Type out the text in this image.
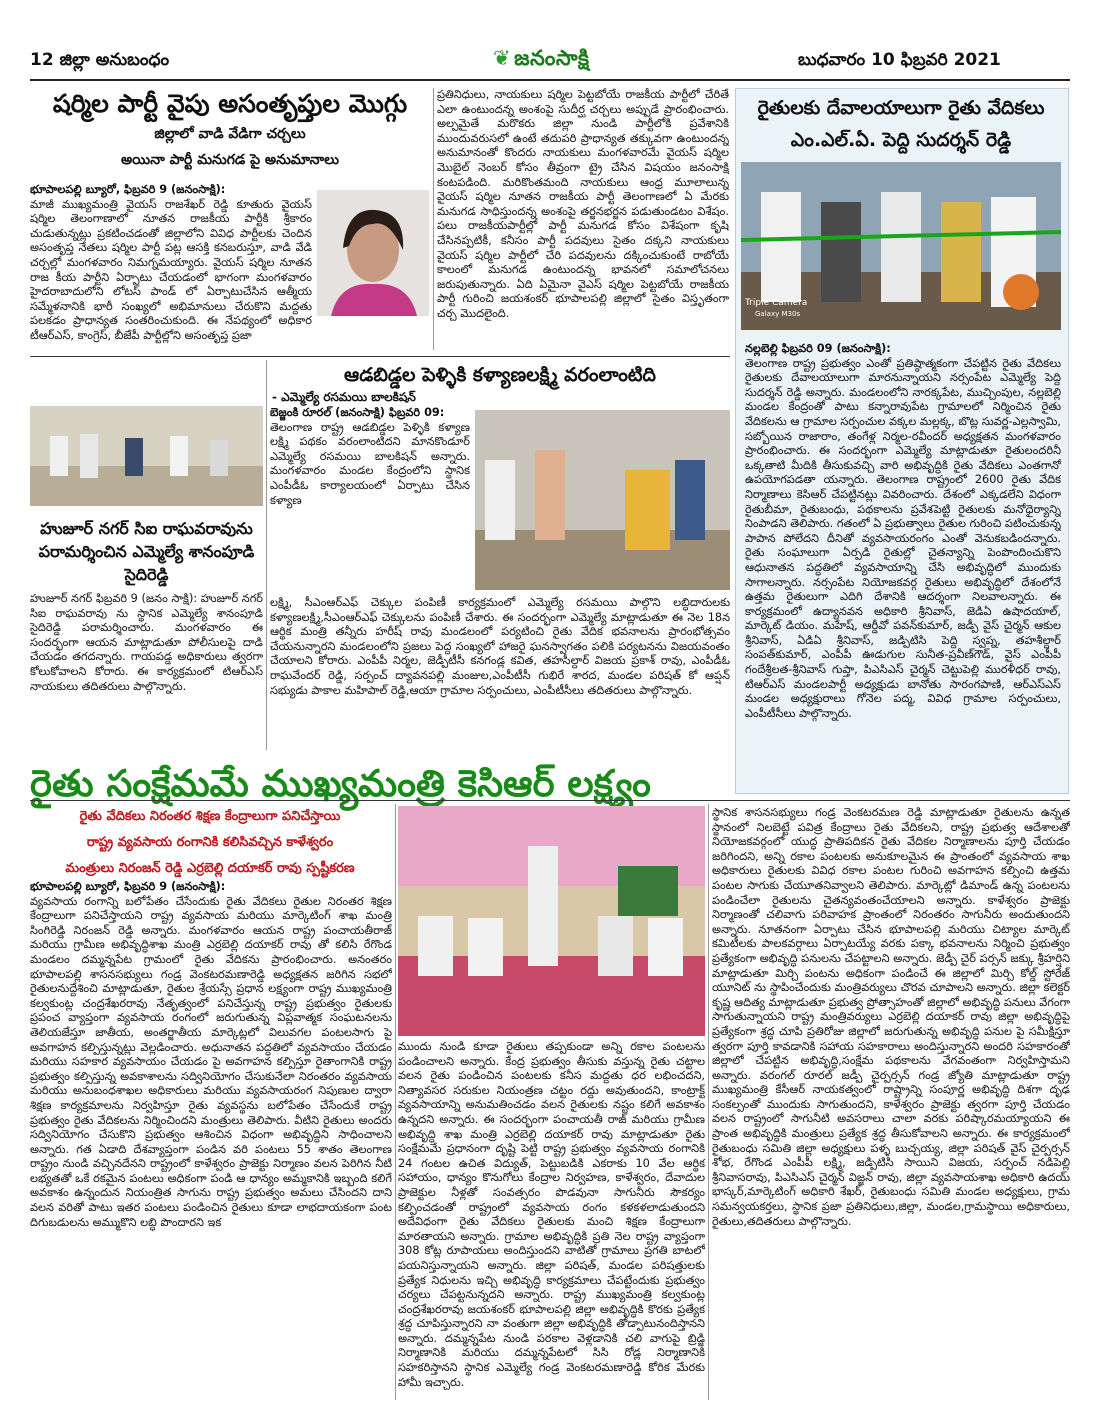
12 జిల్లా అనుబంధం	❦ జనంసాక్షి	బుధవారం 10 ఫిబ్రవరి 2021
షర్మిల పార్టీ వైపు అసంతృప్తుల మొగ్గు
జిల్లాలో వాడి వేడిగా చర్చలు
అయినా పార్టీ మనుగడ పై అనుమానాలు

భూపాలపల్లి బ్యూరో, ఫిబ్రవరి 9 (జనంసాక్షి):

మాజీ ముఖ్యమంత్రి వైయస్ రాజశేఖర్ రెడ్డి కూతురు వైయస్ షర్మిల తెలంగాణాలో నూతన రాజకీయ పార్టీకి శ్రీకారం చుడుతున్నట్లు ప్రకటించడంతో జిల్లాలోని వివిధ పార్టీలకు చెందిన అసంతృప్త నేతలు షర్మిల పార్టీ పట్ల ఆసక్తి కనబరుస్తూ, వాడి వేడి చర్చల్లో మంగళవారం నిమగ్నమయ్యారు. వైయస్ షర్మిల నూతన రాజ కీయ పార్టీని ఏర్పాటు చేయడంలో భాగంగా మంగళవారం హైదరాబాదులోని లోటస్ పాండ్ లో ఏర్పాటుచేసిన ఆత్మీయ సమ్మేళనానికి భారీ సంఖ్యలో అభిమానులు చేరుకొని మద్దతు పలకడం ప్రాధాన్యత సంతరించుకుంది. ఈ నేపథ్యంలో అధికార టీఆర్ఎస్, కాంగ్రెస్, బీజేపీ పార్టీల్లోని అసంతృప్త ప్రజా

ప్రతినిధులు, నాయకులు షర్మిల పెట్టబోయే రాజకీయ పార్టీలో చేరితే ఎలా ఉంటుందన్న అంశంపై సుదీర్ఘ చర్చలు అప్పుడే ప్రారంభించారు. అల్పమైతే మరొకరు జిల్లా నుండి పార్టీలోకి ప్రవేశానికి ముందువరుసలో ఉంటే తదుపరి ప్రాధాన్యత తక్కువగా ఉంటుందన్న అనుమానంతో కొందరు నాయకులు మంగళవారమే వైయస్ షర్మిల మొబైల్ నెంబర్ కోసం తీవ్రంగా ట్రై చేసిన విషయం జనంసాక్షి కంటపడింది. మరికొంతమంది నాయకులు ఆంధ్ర మూలాలున్న వైయస్ షర్మిల నూతన రాజకీయ పార్టీ తెలంగాణలో ఏ మేరకు మనుగడ సాధిస్తుందన్న అంశంపై తర్జనభర్జన పడుతుండటం విశేషం. పలు రాజకీయపార్టీల్లో పార్టీ మనుగడ కోసం విశేషంగా కృషి చేసినప్పటికీ, కనీసం పార్టీ పదవులు సైతం దక్కని నాయకులు వైయస్ షర్మిల పార్టీలో చేరి పదవులను దక్కించుకుంటే రాబోయే కాలంలో మనుగడ ఉంటుందన్న భావనలో సమాలోచనలు జరుపుతున్నారు. ఏది ఏమైనా వైఎస్ షర్మిల పెట్టబోయే రాజకీయ పార్టీ గురించి జయశంకర్ భూపాలపల్లి జిల్లాలో సైతం విస్తృతంగా చర్చ మొదలైంది.
హుజూర్ నగర్ సిఐ రాఘవరావును పరామర్శించిన ఎమ్మెల్యే శానంపూడి సైదిరెడ్డి
హుజూర్ నగర్ ఫిబ్రవరి 9 (జనం సాక్షి): హుజూర్ నగర్ సిఐ రాఘవరావు ను స్థానిక ఎమ్మెల్యే శానంపూడి సైదిరెడ్డి పరామర్శించారు. మంగళవారం ఈ సందర్భంగా ఆయన మాట్లాడుతూ పోలీసులపై దాడి చేయడం తగదన్నారు. గాయపడ్డ అధికారులు త్వరగా కోలుకోవాలని కోరారు. ఈ కార్యక్రమంలో టిఆర్ఎస్ నాయకులు తదితరులు పాల్గొన్నారు.
ఆడబిడ్డల పెళ్ళికి కళ్యాణలక్ష్మి వరంలాంటిది
- ఎమ్మెల్యే రసమయి బాలకిషన్

బెజ్జంకి రూరల్ (జనంసాక్షి) ఫిబ్రవరి 09:

తెలంగాణ రాష్ట్ర ఆడబిడ్డల పెళ్ళికి కళ్యాణ లక్ష్మి పథకం వరంలాంటిదని మానకొండూర్ ఎమ్మెల్యే రసమయి బాలకిషన్ అన్నారు. మంగళవారం మండల కేంద్రంలోని స్థానిక ఎంపీడీఓ కార్యాలయంలో ఏర్పాటు చేసిన కళ్యాణ

లక్ష్మి, సీఎంఆర్ఎఫ్ చెక్కుల పంపిణీ కార్యక్రమంలో ఎమ్మెల్యే రసమయి పాల్గొని లబ్ధిదారులకు కళ్యాణలక్ష్మి,సీఎంఆర్ఎఫ్ చెక్కులను పంపిణీ చేశారు. ఈ సందర్భంగా ఎమ్మెల్యే మాట్లాడుతూ ఈ నెల 18న ఆర్థిక మంత్రి తన్నీరు హరీష్ రావు మండలంలో పర్యటించి రైతు వేదిక భవనాలను ప్రారంభోత్సవం చేయనున్నారని మండలంలోని ప్రజలు పెద్ద సంఖ్యలో హాజరై ఘనస్వాగతం పలికి పర్యటనను విజయవంతం చేయాలని కోరారు. ఎంపీపీ నిర్మల, జెడ్పీటీసీ కనగండ్ల కవిత, తహసీల్దార్ విజయ ప్రకాశ్ రావు, ఎంపీడీఓ రాఘవేందర్ రెడ్డి, సర్పంచ్ ద్యావనపల్లి మంజుల,ఎంపీటీసీ గుభిరే శారద, మండల పరిషత్ కో ఆప్షన్ సభ్యుడు పాకాల మహిపాల్ రెడ్డి,ఆయా గ్రామాల సర్పంచులు, ఎంపీటీసీలు తదితరులు పాల్గొన్నారు.
రైతులకు దేవాలయాలుగా రైతు వేదికలు
ఎం.ఎల్.ఏ. పెద్ది సుదర్శన్ రెడ్డి
Triple Camera
Galaxy M30s

నల్లబెల్లి ఫిబ్రవరి 09 (జనంసాక్షి):

తెలంగాణ రాష్ట్ర ప్రభుత్వం ఎంతో ప్రతిష్ఠాత్మకంగా చేపట్టిన రైతు వేదికలు రైతులకు దేవాలయాలుగా మారనున్నాయని నర్సంపేట ఎమ్మెల్యే పెద్ది సుదర్శన్ రెడ్డి అన్నారు. మండలంలోని నారక్కపేట, ముచ్చింపుల, నల్లబెల్లి మండల కేంద్రంతో పాటు కన్నారావుపేట గ్రామాలలో నిర్మించిన రైతు వేదికలను ఆ గ్రామాల సర్పంచుల వక్కల మల్లక్క, బొట్ల సువర్ణ-ఎల్లస్వామి, సబ్బోయిన రాజారాం, తంగేళ్ల నిర్మల-రవీందర్ అధ్యక్షతన మంగళవారం ప్రారంభించారు. ఈ సందర్భంగా ఎమ్మెల్యే మాట్లాడుతూ రైతులందరినీ ఒక్కతాటి మీదికి తీసుకువచ్చి వారి అభివృద్ధికి రైతు వేదికలు ఎంతగానో ఉపయోగపడతా యన్నారు. తెలంగాణ రాష్ట్రంలో 2600 రైతు వేదిక నిర్మాణాలు కెసిఆర్ చేపట్టినట్లు వివరించారు. దేశంలో ఎక్కడలేని విధంగా రైతుబీమా, రైతుబంధు, పథకాలను ప్రవేశపెట్టి రైతులకు మనోధైర్యాన్ని నింపాడని తెలిపారు. గతంలో ఏ ప్రభుత్వాలు రైతుల గురించి పటించుకున్న పాపాన పోలేదని దీనితో వ్యవసాయరంగం ఎంతో వెనుకబడిందన్నారు. రైతు సంఘాలుగా ఏర్పడి రైతుల్లో చైతన్యాన్ని పెంపొందించుకొని ఆధునాతన పద్ధతిలో వ్యవసాయాన్ని చేసి అభివృద్ధిలో ముందుకు సాగాలన్నారు. నర్సంపేట నియోజకవర్గ రైతులు అభివృద్ధిలో దేశంలోనే ఉత్తమ రైతులుగా ఎదిగి దేశానికి ఆదర్శంగా నిలవాలన్నారు. ఈ కార్యక్రమంలో ఉద్యానవన అధికారి శ్రీనివాస్, జెడిఏ ఉషాదయాల్, మార్కెట్ డియం. మహేష్, ఆర్డీవో పవన్‌కుమార్, జడ్పీ వైస్ చైర్మన్ ఆకుల శ్రీనివాస్, ఏడిఏ శ్రీనివాస్, జడ్పిటిసి పెద్ది స్వప్న, తహశీల్దార్ సంపత్‌కుమార్, ఎంపీపీ ఊడుగుల సునీత-ప్రవీణ్‌గౌడ్, వైస్ ఎంపీపీ గందేశ్రీలత-శ్రీనివాస్ గుప్తా, పిఎసిఎస్ చైర్మన్ చెట్టుపెల్లి మురళీధర్ రావు, టిఆర్ఎస్ మండలపార్టీ అధ్యక్షుడు బానోతు సారంగపాణి, ఆర్ఎస్ఎస్ మండల అధ్యక్షురాలు గోనెల పద్మ, వివిధ గ్రామాల సర్పంచులు, ఎంపీటీసీలు పాల్గొన్నారు.

రైతు సంక్షేమమే ముఖ్యమంత్రి కెసిఆర్ లక్ష్యం
రైతు వేదికలు నిరంతర శిక్షణ కేంద్రాలుగా పనిచేస్తాయి
రాష్ట్ర వ్యవసాయ రంగానికి కలిసివచ్చిన కాళేశ్వరం
మంత్రులు నిరంజన్ రెడ్డి ఎర్రబెల్లి దయాకర్ రావు స్పష్టీకరణ

భూపాలపల్లి బ్యూరో, ఫిబ్రవరి 9 (జనంసాక్షి):

వ్యవసాయ రంగాన్ని బలోపేతం చేసేందుకు రైతు వేదికలు రైతుల నిరంతర శిక్షణ కేంద్రాలుగా పనిచేస్తాయని రాష్ట్ర వ్యవసాయ మరియు మార్కెటింగ్ శాఖ మంత్రి సింగిరెడ్డి నిరంజన్ రెడ్డి అన్నారు. మంగళవారం ఆయన రాష్ట్ర పంచాయతీరాజ్ మరియు గ్రామీణ అభివృద్ధిశాఖ మంత్రి ఎర్రబెల్లి దయాకర్ రావు తో కలిసి రేగొండ మండలం దమ్మన్నపేట గ్రామంలో రైతు వేదికను ప్రారంభించారు. అనంతరం భూపాలపల్లి శాసనసభ్యులు గండ్ర వెంకటరమణారెడ్డి అధ్యక్షతన జరిగిన సభలో రైతులనుద్దేశించి మాట్లాడుతూ, రైతుల శ్రేయస్సే ప్రధాన లక్ష్యంగా రాష్ట్ర ముఖ్యమంత్రి కల్వకుంట్ల చంద్రశేఖరరావు నేతృత్వంలో పనిచేస్తున్న రాష్ట్ర ప్రభుత్వం రైతులకు ప్రపంచ వ్యాప్తంగా వ్యవసాయ రంగంలో జరుగుతున్న విప్లవాత్మక సంఘటనలను తెలియజేస్తూ జాతీయ, అంతర్జాతీయ మార్కెట్లలో విలువగల పంటలసాగు పై అవగాహన కల్పిస్తున్నట్లు వెల్లడించారు. అధునాతన పద్ధతిలో వ్యవసాయం చేయడం మరియు సహకార వ్యవసాయం చేయడం పై అవగాహన కల్పిస్తూ రైతాంగానికి రాష్ట్ర ప్రభుత్వం కల్పిస్తున్న అవకాశాలను సద్వినియోగం చేసుకునేలా నిరంతరం వ్యవసాయ మరియు అనుబంధశాఖల అధికారులు మరియు వ్యవసాయరంగ నిపుణుల ద్వారా శిక్షణ కార్యక్రమాలను నిర్వహిస్తూ రైతు వ్యవస్థను బలోపేతం చేసేందుకే రాష్ట్ర ప్రభుత్వం రైతు వేదికలను నిర్మించిందని మంత్రులు తెలిపారు. వీటిని రైతులు అందరు సద్వినియోగం చేసుకొని ప్రభుత్వం ఆశించిన విధంగా అభివృద్ధిని సాధించాలని అన్నారు. గత ఏడాది దేశవ్యాప్తంగా పండిన వరి పంటలు 55 శాతం తెలంగాణ రాష్ట్రం నుండి వచ్చినదేనని రాష్ట్రంలో కాళేశ్వరం ప్రాజెక్టు నిర్మాణం వలన పెరిగిన నీటి లభ్యతతో ఒకే రకమైన పంటలు అధికంగా పండి ఆ ధాన్యం అమ్మకానికి ఇబ్బంది కలిగే అవకాశం ఉన్నందున నియంత్రిత సాగును రాష్ట్ర ప్రభుత్వం అమలు చేసిందని దాని వలన వరితో పాటు ఇతర పంటలు పండించిన రైతులు కూడా లాభదాయకంగా పంట దిగుబడులను అమ్ముకొని లబ్ధి పొందారని ఇక

ముందు నుండి కూడా రైతులు తప్పకుండా అన్ని రకాల పంటలను పండించాలని అన్నారు. కేంద్ర ప్రభుత్వం తీసుకు వస్తున్న రైతు చట్టాల వలన రైతు పండించిన పంటలకు కనీస మద్దతు ధర లభించదని, నిత్యావసర సరుకుల నియంత్రణ చట్టం రద్దు అవుతుందని, కాంట్రాక్ట్ వ్యవసాయాన్ని అనుమతించడం వలన రైతులకు నష్టం కలిగే అవకాశం ఉన్నదని అన్నారు. ఈ సందర్భంగా పంచాయతీ రాజ్ మరియు గ్రామీణ అభివృద్ధి శాఖ మంత్రి ఎర్రబెల్లి దయాకర్ రావు మాట్లాడుతూ రైతు సంక్షేమమే ప్రధానంగా దృష్టి పెట్టి రాష్ట్ర ప్రభుత్వం వ్యవసాయ రంగానికి 24 గంటల ఉచిత విద్యుత్, పెట్టుబడికి ఎకరాకు 10 వేల ఆర్థిక సహాయం, ధాన్యం కొనుగోలు కేంద్రాల నిర్వహణ, కాళేశ్వరం, దేవాదుల ప్రాజెక్టుల నీళ్లతో సంవత్సరం పొడవునా సాగునీరు సౌకర్యం కల్పించడంతో రాష్ట్రంలో వ్యవసాయ రంగం కళకళలాడుతుందని అదేవిధంగా రైతు వేదికలు రైతులకు మంచి శిక్షణ కేంద్రాలుగా మారతాయని అన్నారు. గ్రామాల అభివృద్ధికి ప్రతి నెల రాష్ట్ర వ్యాప్తంగా 308 కోట్ల రూపాయలు అందిస్తుందని వాటితో గ్రామాలు ప్రగతి బాటలో పయనిస్తున్నాయని అన్నారు. జిల్లా పరిషత్, మండల పరిషత్తులకు ప్రత్యేక నిధులను ఇచ్చి అభివృద్ధి కార్యక్రమాలు చేపట్టేందుకు ప్రభుత్వం చర్యలు చేపట్టనున్నదని అన్నారు. రాష్ట్ర ముఖ్యమంత్రి కల్వకుంట్ల చంద్రశేఖరరావు జయశంకర్ భూపాలపల్లి జిల్లా అభివృద్ధికి కొరకు ప్రత్యేక శ్రద్ధ చూపిస్తున్నారని నా వంతుగా జిల్లా అభివృద్ధికి తోడ్పాటునందిస్తానని అన్నారు. దమ్మన్నపేట నుండి పరకాల వెళ్లడానికి చలి వాగుపై బ్రిడ్జి నిర్మాణానికి మరియు దమ్మన్నపేటలో సిసి రోడ్ల నిర్మాణానికి సహకరిస్తానని స్థానిక ఎమ్మెల్యే గండ్ర వెంకటరమణారెడ్డి కోరిక మేరకు హామీ ఇచ్చారు.
స్థానిక శాసనసభ్యులు గండ్ర వెంకటరమణ రెడ్డి మాట్లాడుతూ రైతులను ఉన్నత స్థానంలో నిలబెట్టే పవిత్ర కేంద్రాలు రైతు వేదికలని, రాష్ట్ర ప్రభుత్వ ఆదేశాలతో నియోజకవర్గంలో యుద్ధ ప్రాతిపదికన రైతు వేదికల నిర్మాణాలను పూర్తి చేయడం జరిగిందని, అన్ని రకాల పంటలకు అనుకూలమైన ఈ ప్రాంతంలో వ్యవసాయ శాఖ అధికారులు రైతులకు వివిధ రకాల పంటల గురించి అవగాహన కల్పించి ఉత్తమ పంటల సాగుకు చేయూతనివ్వాలని తెలిపారు. మార్కెట్లో డిమాండ్ ఉన్న పంటలను పండించేలా రైతులను చైతన్యవంతంచేయాలని అన్నారు. కాళేశ్వరం ప్రాజెక్టు నిర్మాణంతో చలివాగు పరివాహక ప్రాంతంలో నిరంతరం సాగునీరు అందుతుందని అన్నారు. నూతనంగా ఏర్పాటు చేసిన భూపాలపల్లి మరియు చిట్యాల మార్కెట్ కమిటీలకు పాలకవర్గాలు ఏర్పాటయ్యే వరకు పక్కా భవనాలను నిర్మించి ప్రభుత్వం ప్రత్యేకంగా అభివృద్ధి పనులను చేపట్టాలని అన్నారు. జెడ్పీ చైర్ పర్సన్ జక్కు శ్రీహర్షిని మాట్లాడుతూ మిర్చి పంటను అధికంగా పండించే ఈ జిల్లాలో మిర్చి కోల్డ్ స్టోరేజ్ యూనిట్ ను స్థాపించేందుకు మంత్రివర్యులు చొరవ చూపాలని అన్నారు. జిల్లా కలెక్టర్ కృష్ణ ఆదిత్య మాట్లాడుతూ ప్రభుత్వ ప్రోత్సాహంతో జిల్లాలో అభివృద్ధి పనులు వేగంగా సాగుతున్నాయని రాష్ట్ర మంత్రివర్యులు ఎర్రబెల్లి దయాకర్ రావు జిల్లా అభివృద్ధిపై ప్రత్యేకంగా శ్రద్ధ చూపి ప్రతిరోజు జిల్లాలో జరుగుతున్న అభివృద్ధి పనుల పై సమీక్షిస్తూ త్వరగా పూర్తి కావడానికి సహాయ సహకారాలు అందిస్తున్నారని అందరి సహకారంతో జిల్లాలో చేపట్టిన అభివృద్ధి,సంక్షేమ పథకాలను వేగవంతంగా నిర్వహిస్తామని అన్నారు. వరంగల్ రూరల్ జడ్పీ చైర్పర్సన్ గండ్ర జ్యోతి మాట్లాడుతూ రాష్ట్ర ముఖ్యమంత్రి కేసీఆర్ నాయకత్వంలో రాష్ట్రాన్ని సంపూర్ణ అభివృద్ధి దిశగా దృఢ సంకల్పంతో ముందుకు సాగుతుందని, కాళేశ్వరం ప్రాజెక్టు త్వరగా పూర్తి చేయడం వలన రాష్ట్రంలో సాగునీటి అవసరాలు చాలా వరకు పరిష్కారమయ్యాయని ఈ ప్రాంత అభివృద్ధికి మంత్రులు ప్రత్యేక శ్రద్ధ తీసుకోవాలని అన్నారు. ఈ కార్యక్రమంలో రైతుబంధు సమితి జిల్లా అధ్యక్షులు పళ్ళ బుచ్చయ్య, జిల్లా పరిషత్ వైస్ చైర్పర్సన్ శోభ, రేగొండ ఎంపీపీ లక్ష్మి, జడ్పిటిసి సాయిని విజయ, సర్పంచ్ నడిపెల్లి శ్రీనివాసరావు, పిఎసిఎస్ చైర్మన్ విజ్జన్ రావు, జిల్లా వ్యవసాయశాఖ అధికారి ఉదయ్ భాస్కర్,మార్కెటింగ్ అధికారి శేఖర్, రైతుబంధు సమితి మండల అధ్యక్షులు, గ్రామ సమన్వయకర్తలు, స్థానిక ప్రజా ప్రతినిధులు,జిల్లా, మండల,గ్రామస్థాయి అధికారులు, రైతులు,తదితరులు పాల్గొన్నారు.
